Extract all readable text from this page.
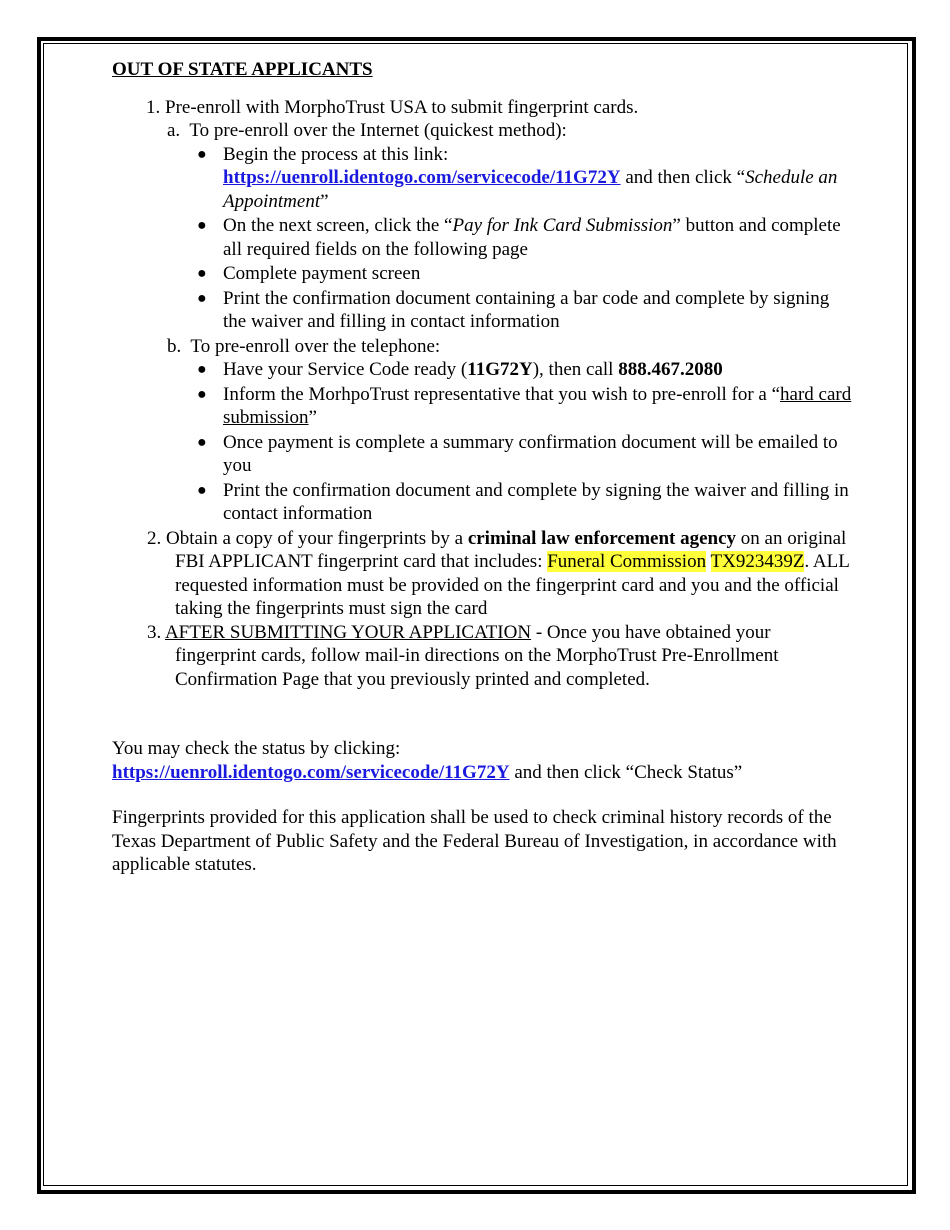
OUT OF STATE APPLICANTS

1. Pre-enroll with MorphoTrust USA to submit fingerprint cards.

a. To pre-enroll over the Internet (quickest method):

● Begin the process at this link:
https://uenroll.identogo.com/servicecode/11G72Y and then click “Schedule an Appointment”
● On the next screen, click the “Pay for Ink Card Submission” button and complete all required fields on the following page
● Complete payment screen
● Print the confirmation document containing a bar code and complete by signing the waiver and filling in contact information

b. To pre-enroll over the telephone:

● Have your Service Code ready (11G72Y), then call 888.467.2080
● Inform the MorhpoTrust representative that you wish to pre-enroll for a “hard card submission”
● Once payment is complete a summary confirmation document will be emailed to you
● Print the confirmation document and complete by signing the waiver and filling in contact information

2. Obtain a copy of your fingerprints by a criminal law enforcement agency on an original FBI APPLICANT fingerprint card that includes: Funeral Commission TX923439Z. ALL requested information must be provided on the fingerprint card and you and the official taking the fingerprints must sign the card

3. AFTER SUBMITTING YOUR APPLICATION - Once you have obtained your fingerprint cards, follow mail-in directions on the MorphoTrust Pre-Enrollment Confirmation Page that you previously printed and completed.

You may check the status by clicking:

https://uenroll.identogo.com/servicecode/11G72Y and then click “Check Status”

Fingerprints provided for this application shall be used to check criminal history records of the Texas Department of Public Safety and the Federal Bureau of Investigation, in accordance with applicable statutes.
